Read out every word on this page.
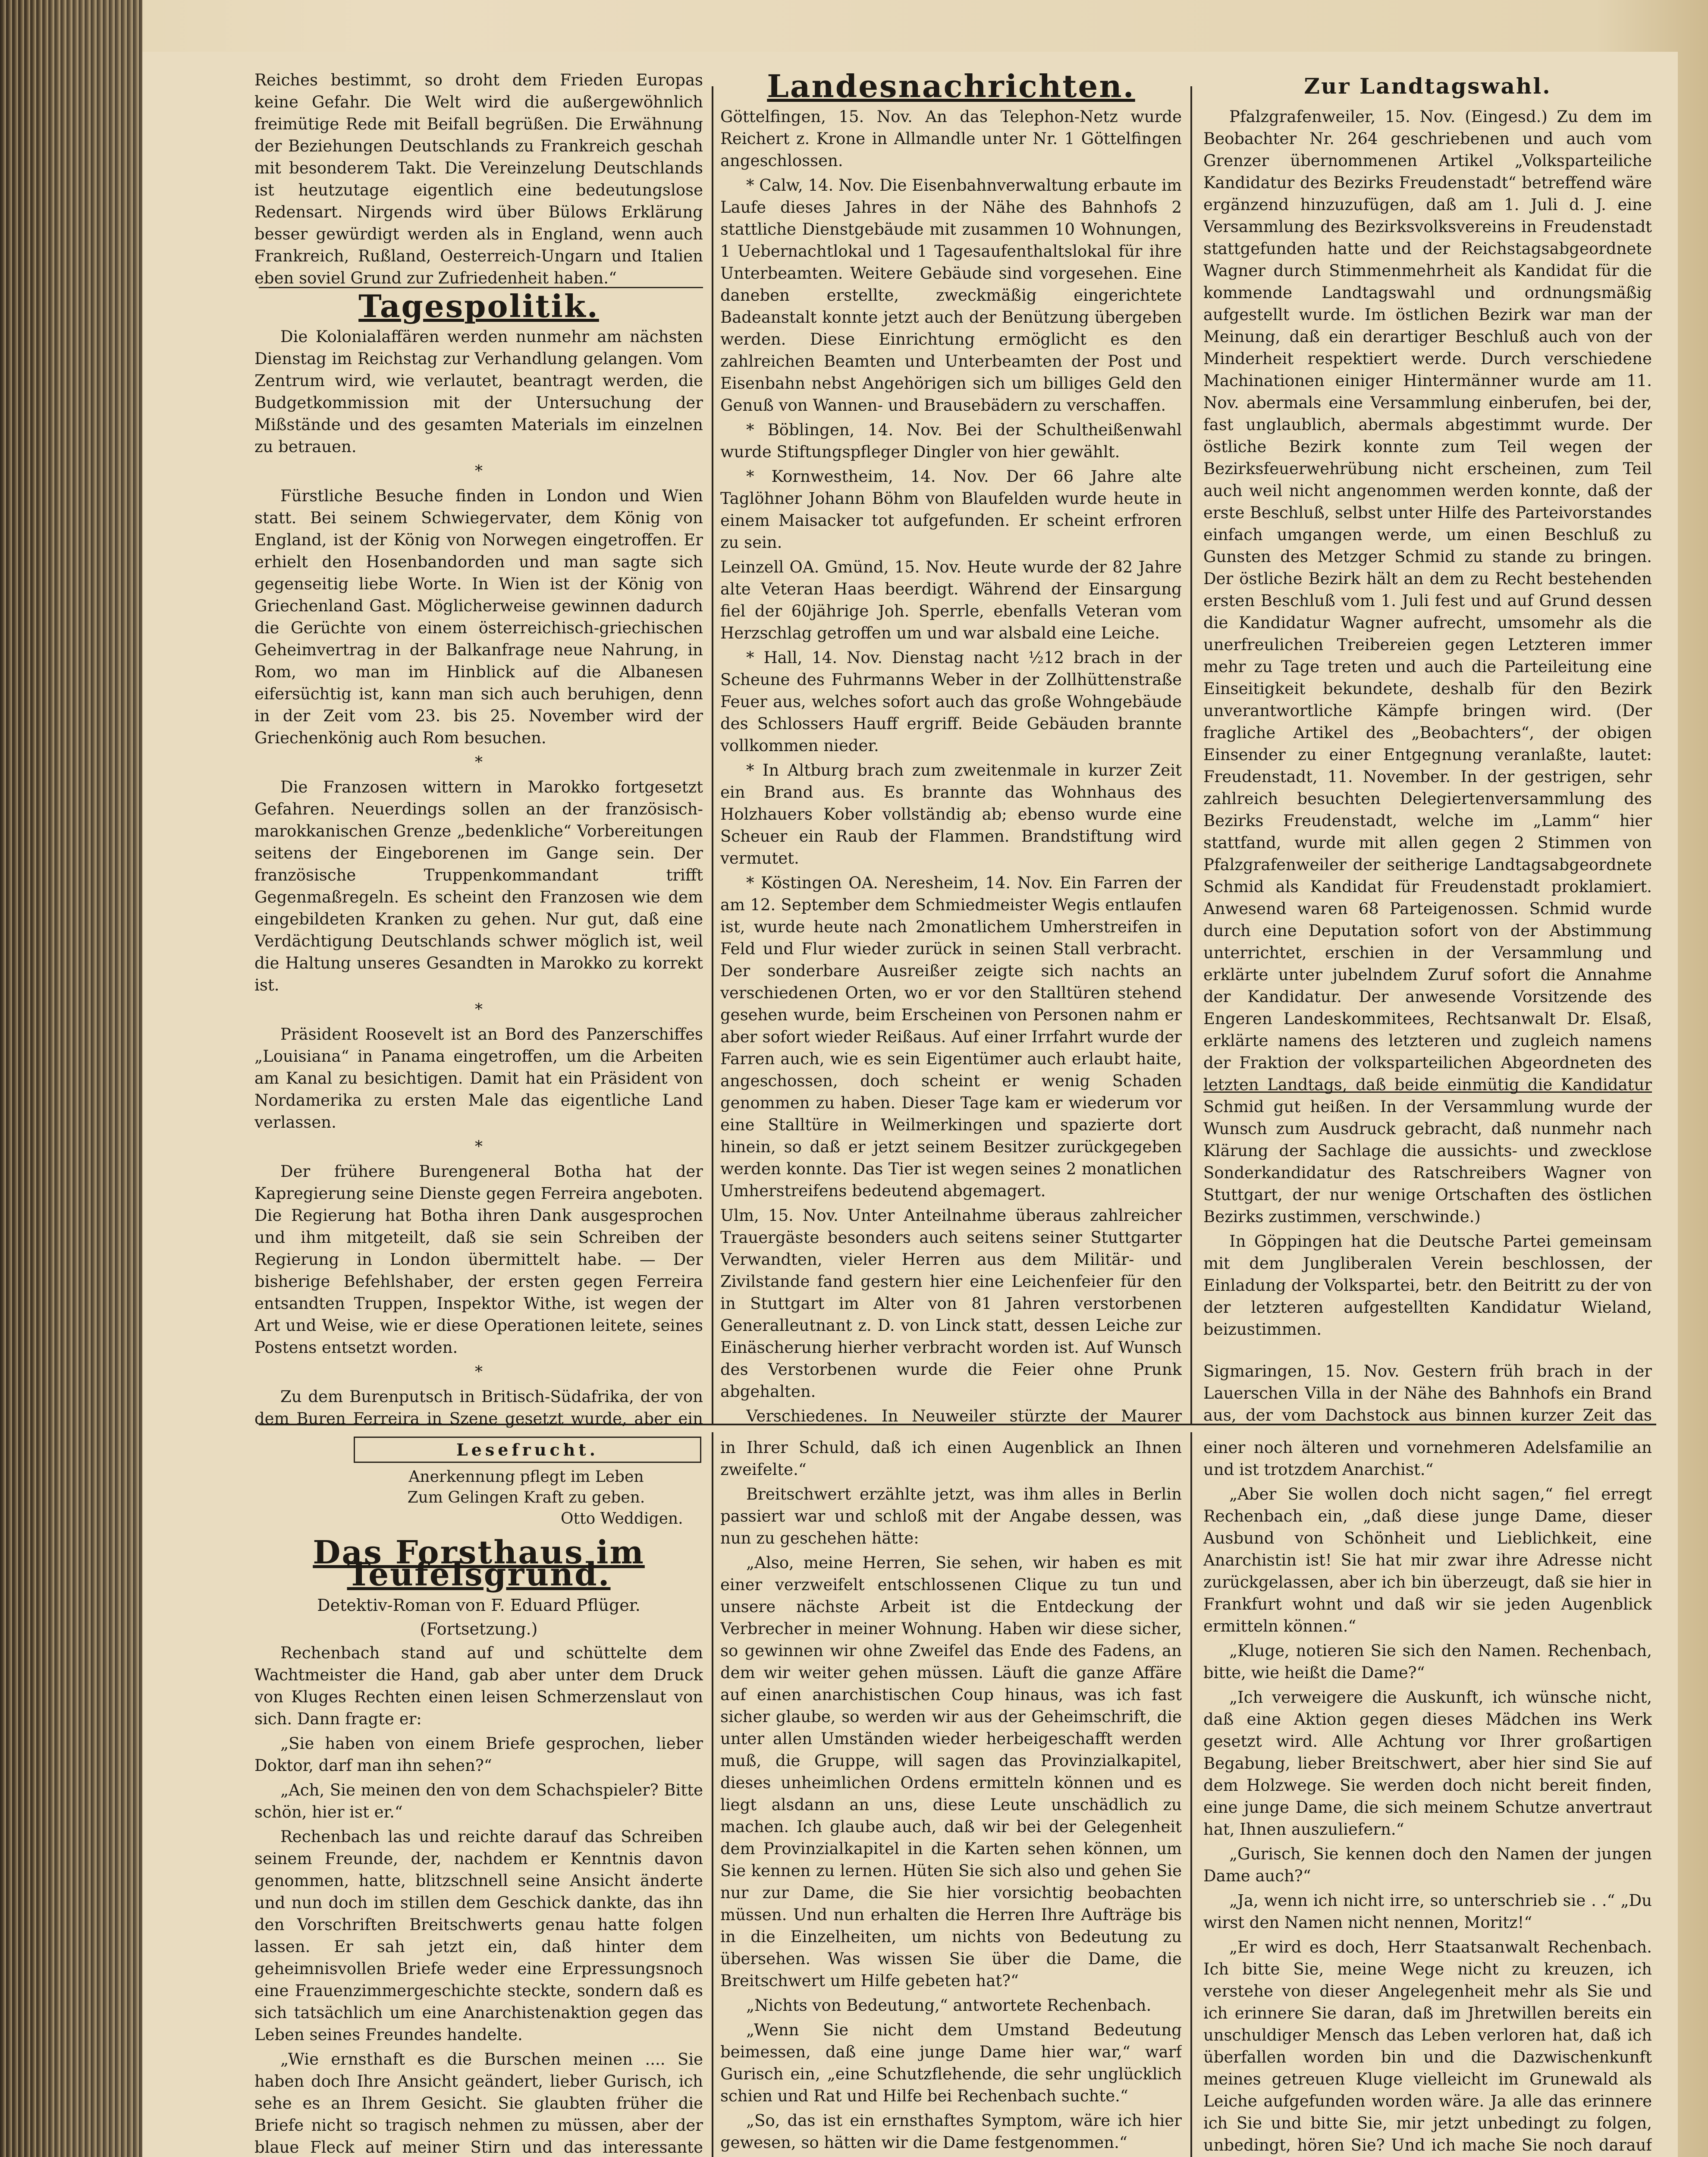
Reiches bestimmt, so droht dem Frieden Europas keine Gefahr. Die Welt wird die außergewöhnlich freimütige Rede mit Beifall begrüßen. Die Erwähnung der Beziehungen Deutschlands zu Frankreich geschah mit besonderem Takt. Die Vereinzelung Deutschlands ist heutzutage eigentlich eine bedeutungslose Redensart. Nirgends wird über Bülows Erklärung besser gewürdigt werden als in England, wenn auch Frankreich, Rußland, Oesterreich-Ungarn und Italien eben soviel Grund zur Zufriedenheit haben.“

Tagespolitik.

Die Kolonialaffären werden nunmehr am nächsten Dienstag im Reichstag zur Verhandlung gelangen. Vom Zentrum wird, wie verlautet, beantragt werden, die Budgetkommission mit der Untersuchung der Mißstände und des gesamten Materials im einzelnen zu betrauen.

*

Fürstliche Besuche finden in London und Wien statt. Bei seinem Schwiegervater, dem König von England, ist der König von Norwegen eingetroffen. Er erhielt den Hosenbandorden und man sagte sich gegenseitig liebe Worte. In Wien ist der König von Griechenland Gast. Möglicherweise gewinnen dadurch die Gerüchte von einem österreichisch-griechischen Geheimvertrag in der Balkanfrage neue Nahrung, in Rom, wo man im Hinblick auf die Albanesen eifersüchtig ist, kann man sich auch beruhigen, denn in der Zeit vom 23. bis 25. November wird der Griechenkönig auch Rom besuchen.

*

Die Franzosen wittern in Marokko fortgesetzt Gefahren. Neuerdings sollen an der französisch-marokkanischen Grenze „bedenkliche“ Vorbereitungen seitens der Eingeborenen im Gange sein. Der französische Truppenkommandant trifft Gegenmaßregeln. Es scheint den Franzosen wie dem eingebildeten Kranken zu gehen. Nur gut, daß eine Verdächtigung Deutschlands schwer möglich ist, weil die Haltung unseres Gesandten in Marokko zu korrekt ist.

*

Präsident Roosevelt ist an Bord des Panzerschiffes „Louisiana“ in Panama eingetroffen, um die Arbeiten am Kanal zu besichtigen. Damit hat ein Präsident von Nordamerika zu ersten Male das eigentliche Land verlassen.

*

Der frühere Burengeneral Botha hat der Kapregierung seine Dienste gegen Ferreira angeboten. Die Regierung hat Botha ihren Dank ausgesprochen und ihm mitgeteilt, daß sie sein Schreiben der Regierung in London übermittelt habe. — Der bisherige Befehlshaber, der ersten gegen Ferreira entsandten Truppen, Inspektor Withe, ist wegen der Art und Weise, wie er diese Operationen leitete, seines Postens entsetzt worden.

*

Zu dem Burenputsch in Britisch-Südafrika, der von dem Buren Ferreira in Szene gesetzt wurde, aber ein

Landesnachrichten.

Göttelfingen, 15. Nov. An das Telephon-Netz wurde Reichert z. Krone in Allmandle unter Nr. 1 Göttelfingen angeschlossen.

* Calw, 14. Nov. Die Eisenbahnverwaltung erbaute im Laufe dieses Jahres in der Nähe des Bahnhofs 2 stattliche Dienstgebäude mit zusammen 10 Wohnungen, 1 Uebernachtlokal und 1 Tagesaufenthaltslokal für ihre Unterbeamten. Weitere Gebäude sind vorgesehen. Eine daneben erstellte, zweckmäßig eingerichtete Badeanstalt konnte jetzt auch der Benützung übergeben werden. Diese Einrichtung ermöglicht es den zahlreichen Beamten und Unterbeamten der Post und Eisenbahn nebst Angehörigen sich um billiges Geld den Genuß von Wannen- und Brausebädern zu verschaffen.

* Böblingen, 14. Nov. Bei der Schultheißenwahl wurde Stiftungspfleger Dingler von hier gewählt.

* Kornwestheim, 14. Nov. Der 66 Jahre alte Taglöhner Johann Böhm von Blaufelden wurde heute in einem Maisacker tot aufgefunden. Er scheint erfroren zu sein.

Leinzell OA. Gmünd, 15. Nov. Heute wurde der 82 Jahre alte Veteran Haas beerdigt. Während der Einsargung fiel der 60jährige Joh. Sperrle, ebenfalls Veteran vom Herzschlag getroffen um und war alsbald eine Leiche.

* Hall, 14. Nov. Dienstag nacht ½12 brach in der Scheune des Fuhrmanns Weber in der Zollhüttenstraße Feuer aus, welches sofort auch das große Wohngebäude des Schlossers Hauff ergriff. Beide Gebäuden brannte vollkommen nieder.

* In Altburg brach zum zweitenmale in kurzer Zeit ein Brand aus. Es brannte das Wohnhaus des Holzhauers Kober vollständig ab; ebenso wurde eine Scheuer ein Raub der Flammen. Brandstiftung wird vermutet.

* Köstingen OA. Neresheim, 14. Nov. Ein Farren der am 12. September dem Schmiedmeister Wegis entlaufen ist, wurde heute nach 2monatlichem Umherstreifen in Feld und Flur wieder zurück in seinen Stall verbracht. Der sonderbare Ausreißer zeigte sich nachts an verschiedenen Orten, wo er vor den Stalltüren stehend gesehen wurde, beim Erscheinen von Personen nahm er aber sofort wieder Reißaus. Auf einer Irrfahrt wurde der Farren auch, wie es sein Eigentümer auch erlaubt haite, angeschossen, doch scheint er wenig Schaden genommen zu haben. Dieser Tage kam er wiederum vor eine Stalltüre in Weilmerkingen und spazierte dort hinein, so daß er jetzt seinem Besitzer zurückgegeben werden konnte. Das Tier ist wegen seines 2 monatlichen Umherstreifens bedeutend abgemagert.

Ulm, 15. Nov. Unter Anteilnahme überaus zahlreicher Trauergäste besonders auch seitens seiner Stuttgarter Verwandten, vieler Herren aus dem Militär- und Zivilstande fand gestern hier eine Leichenfeier für den in Stuttgart im Alter von 81 Jahren verstorbenen Generalleutnant z. D. von Linck statt, dessen Leiche zur Einäscherung hierher verbracht worden ist. Auf Wunsch des Verstorbenen wurde die Feier ohne Prunk abgehalten.

Verschiedenes. In Neuweiler stürzte der Maurer

Zur Landtagswahl.

Pfalzgrafenweiler, 15. Nov. (Eingesd.) Zu dem im Beobachter Nr. 264 geschriebenen und auch vom Grenzer übernommenen Artikel „Volksparteiliche Kandidatur des Bezirks Freudenstadt“ betreffend wäre ergänzend hinzuzufügen, daß am 1. Juli d. J. eine Versammlung des Bezirksvolksvereins in Freudenstadt stattgefunden hatte und der Reichstagsabgeordnete Wagner durch Stimmenmehrheit als Kandidat für die kommende Landtagswahl und ordnungsmäßig aufgestellt wurde. Im östlichen Bezirk war man der Meinung, daß ein derartiger Beschluß auch von der Minderheit respektiert werde. Durch verschiedene Machinationen einiger Hintermänner wurde am 11. Nov. abermals eine Versammlung einberufen, bei der, fast unglaublich, abermals abgestimmt wurde. Der östliche Bezirk konnte zum Teil wegen der Bezirksfeuerwehrübung nicht erscheinen, zum Teil auch weil nicht angenommen werden konnte, daß der erste Beschluß, selbst unter Hilfe des Parteivorstandes einfach umgangen werde, um einen Beschluß zu Gunsten des Metzger Schmid zu stande zu bringen. Der östliche Bezirk hält an dem zu Recht bestehenden ersten Beschluß vom 1. Juli fest und auf Grund dessen die Kandidatur Wagner aufrecht, umsomehr als die unerfreulichen Treibereien gegen Letzteren immer mehr zu Tage treten und auch die Parteileitung eine Einseitigkeit bekundete, deshalb für den Bezirk unverantwortliche Kämpfe bringen wird. (Der fragliche Artikel des „Beobachters“, der obigen Einsender zu einer Entgegnung veranlaßte, lautet: Freudenstadt, 11. November. In der gestrigen, sehr zahlreich besuchten Delegiertenversammlung des Bezirks Freudenstadt, welche im „Lamm“ hier stattfand, wurde mit allen gegen 2 Stimmen von Pfalzgrafenweiler der seitherige Landtagsabgeordnete Schmid als Kandidat für Freudenstadt proklamiert. Anwesend waren 68 Parteigenossen. Schmid wurde durch eine Deputation sofort von der Abstimmung unterrichtet, erschien in der Versammlung und erklärte unter jubelndem Zuruf sofort die Annahme der Kandidatur. Der anwesende Vorsitzende des Engeren Landeskommitees, Rechtsanwalt Dr. Elsaß, erklärte namens des letzteren und zugleich namens der Fraktion der volksparteilichen Abgeordneten des letzten Landtags, daß beide einmütig die Kandidatur Schmid gut heißen. In der Versammlung wurde der Wunsch zum Ausdruck gebracht, daß nunmehr nach Klärung der Sachlage die aussichts- und zwecklose Sonderkandidatur des Ratschreibers Wagner von Stuttgart, der nur wenige Ortschaften des östlichen Bezirks zustimmen, verschwinde.)

In Göppingen hat die Deutsche Partei gemeinsam mit dem Jungliberalen Verein beschlossen, der Einladung der Volkspartei, betr. den Beitritt zu der von der letzteren aufgestellten Kandidatur Wieland, beizustimmen.

Sigmaringen, 15. Nov. Gestern früh brach in der Lauerschen Villa in der Nähe des Bahnhofs ein Brand aus, der vom Dachstock aus binnen kurzer Zeit das

Lesefrucht.
Anerkennung pflegt im Leben
Zum Gelingen Kraft zu geben.
Otto Weddigen.
Das Forsthaus im Teufelsgrund.
Detektiv-Roman von F. Eduard Pflüger.
(Fortsetzung.)

Rechenbach stand auf und schüttelte dem Wachtmeister die Hand, gab aber unter dem Druck von Kluges Rechten einen leisen Schmerzenslaut von sich. Dann fragte er:

„Sie haben von einem Briefe gesprochen, lieber Doktor, darf man ihn sehen?“

„Ach, Sie meinen den von dem Schachspieler? Bitte schön, hier ist er.“

Rechenbach las und reichte darauf das Schreiben seinem Freunde, der, nachdem er Kenntnis davon genommen, hatte, blitzschnell seine Ansicht änderte und nun doch im stillen dem Geschick dankte, das ihn den Vorschriften Breitschwerts genau hatte folgen lassen. Er sah jetzt ein, daß hinter dem geheimnisvollen Briefe weder eine Erpressungsnoch eine Frauenzimmergeschichte steckte, sondern daß es sich tatsächlich um eine Anarchistenaktion gegen das Leben seines Freundes handelte.

„Wie ernsthaft es die Burschen meinen .... Sie haben doch Ihre Ansicht geändert, lieber Gurisch, ich sehe es an Ihrem Gesicht. Sie glaubten früher die Briefe nicht so tragisch nehmen zu müssen, aber der blaue Fleck auf meiner Stirn und das interessante

in Ihrer Schuld, daß ich einen Augenblick an Ihnen zweifelte.“

Breitschwert erzählte jetzt, was ihm alles in Berlin passiert war und schloß mit der Angabe dessen, was nun zu geschehen hätte:

„Also, meine Herren, Sie sehen, wir haben es mit einer verzweifelt entschlossenen Clique zu tun und unsere nächste Arbeit ist die Entdeckung der Verbrecher in meiner Wohnung. Haben wir diese sicher, so gewinnen wir ohne Zweifel das Ende des Fadens, an dem wir weiter gehen müssen. Läuft die ganze Affäre auf einen anarchistischen Coup hinaus, was ich fast sicher glaube, so werden wir aus der Geheimschrift, die unter allen Umständen wieder herbeigeschafft werden muß, die Gruppe, will sagen das Provinzialkapitel, dieses unheimlichen Ordens ermitteln können und es liegt alsdann an uns, diese Leute unschädlich zu machen. Ich glaube auch, daß wir bei der Gelegenheit dem Provinzialkapitel in die Karten sehen können, um Sie kennen zu lernen. Hüten Sie sich also und gehen Sie nur zur Dame, die Sie hier vorsichtig beobachten müssen. Und nun erhalten die Herren Ihre Aufträge bis in die Einzelheiten, um nichts von Bedeutung zu übersehen. Was wissen Sie über die Dame, die Breitschwert um Hilfe gebeten hat?“

„Nichts von Bedeutung,“ antwortete Rechenbach.

„Wenn Sie nicht dem Umstand Bedeutung beimessen, daß eine junge Dame hier war,“ warf Gurisch ein, „eine Schutzflehende, die sehr unglücklich schien und Rat und Hilfe bei Rechenbach suchte.“

„So, das ist ein ernsthaftes Symptom, wäre ich hier gewesen, so hätten wir die Dame festgenommen.“

einer noch älteren und vornehmeren Adelsfamilie an und ist trotzdem Anarchist.“

„Aber Sie wollen doch nicht sagen,“ fiel erregt Rechenbach ein, „daß diese junge Dame, dieser Ausbund von Schönheit und Lieblichkeit, eine Anarchistin ist! Sie hat mir zwar ihre Adresse nicht zurückgelassen, aber ich bin überzeugt, daß sie hier in Frankfurt wohnt und daß wir sie jeden Augenblick ermitteln können.“

„Kluge, notieren Sie sich den Namen. Rechenbach, bitte, wie heißt die Dame?“

„Ich verweigere die Auskunft, ich wünsche nicht, daß eine Aktion gegen dieses Mädchen ins Werk gesetzt wird. Alle Achtung vor Ihrer großartigen Begabung, lieber Breitschwert, aber hier sind Sie auf dem Holzwege. Sie werden doch nicht bereit finden, eine junge Dame, die sich meinem Schutze anvertraut hat, Ihnen auszuliefern.“

„Gurisch, Sie kennen doch den Namen der jungen Dame auch?“

„Ja, wenn ich nicht irre, so unterschrieb sie . .“ „Du wirst den Namen nicht nennen, Moritz!“

„Er wird es doch, Herr Staatsanwalt Rechenbach. Ich bitte Sie, meine Wege nicht zu kreuzen, ich verstehe von dieser Angelegenheit mehr als Sie und ich erinnere Sie daran, daß im Jhretwillen bereits ein unschuldiger Mensch das Leben verloren hat, daß ich überfallen worden bin und die Dazwischenkunft meines getreuen Kluge vielleicht im Grunewald als Leiche aufgefunden worden wäre. Ja alle das erinnere ich Sie und bitte Sie, mir jetzt unbedingt zu folgen, unbedingt, hören Sie? Und ich mache Sie noch darauf
